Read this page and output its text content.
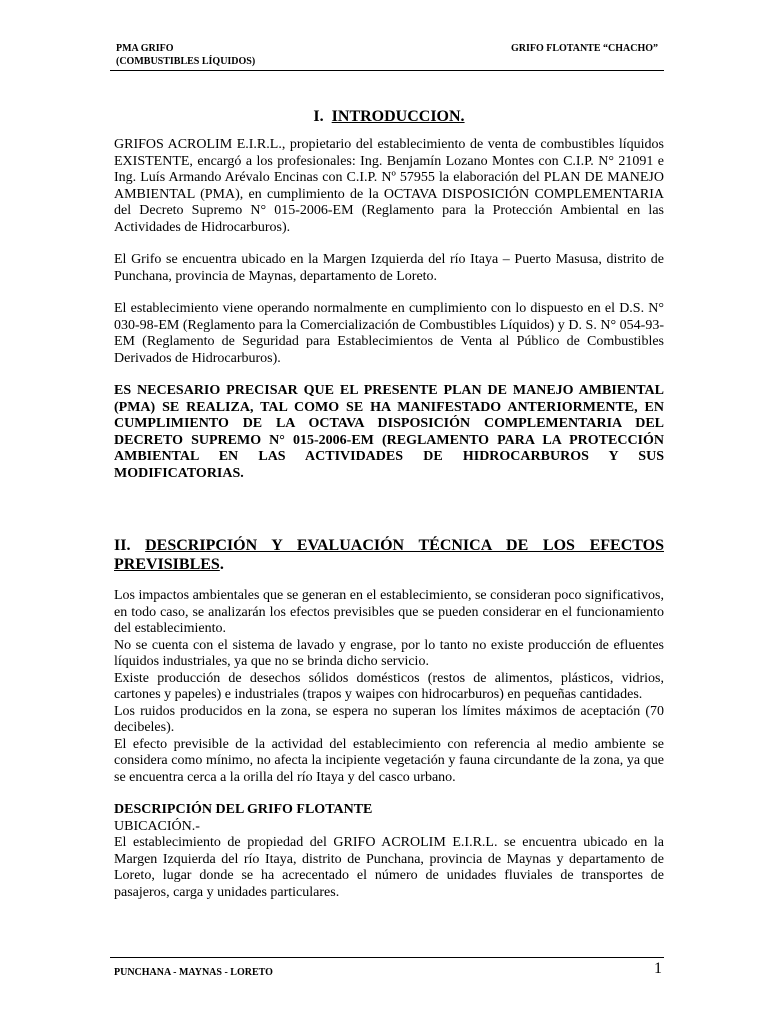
PMA GRIFO
(COMBUSTIBLES LÍQUIDOS)
GRIFO FLOTANTE “CHACHO”
I. INTRODUCCION.

GRIFOS ACROLIM E.I.R.L., propietario del establecimiento de venta de combustibles líquidos EXISTENTE, encargó a los profesionales: Ing. Benjamín Lozano Montes con C.I.P. N° 21091 e Ing. Luís Armando Arévalo Encinas con C.I.P. Nº 57955 la elaboración del PLAN DE MANEJO AMBIENTAL (PMA), en cumplimiento de la OCTAVA DISPOSICIÓN COMPLEMENTARIA del Decreto Supremo N° 015-2006-EM (Reglamento para la Protección Ambiental en las Actividades de Hidrocarburos).

El Grifo se encuentra ubicado en la Margen Izquierda del río Itaya – Puerto Masusa, distrito de Punchana, provincia de Maynas, departamento de Loreto.

El establecimiento viene operando normalmente en cumplimiento con lo dispuesto en el D.S. N° 030-98-EM (Reglamento para la Comercialización de Combustibles Líquidos) y D. S. N° 054-93-EM (Reglamento de Seguridad para Establecimientos de Venta al Público de Combustibles Derivados de Hidrocarburos).

ES NECESARIO PRECISAR QUE EL PRESENTE PLAN DE MANEJO AMBIENTAL (PMA) SE REALIZA, TAL COMO SE HA MANIFESTADO ANTERIORMENTE, EN CUMPLIMIENTO DE LA OCTAVA DISPOSICIÓN COMPLEMENTARIA DEL DECRETO SUPREMO N° 015-2006-EM (REGLAMENTO PARA LA PROTECCIÓN AMBIENTAL EN LAS ACTIVIDADES DE HIDROCARBUROS Y SUS MODIFICATORIAS.

II. DESCRIPCIÓN Y EVALUACIÓN TÉCNICA DE LOS EFECTOS PREVISIBLES.

Los impactos ambientales que se generan en el establecimiento, se consideran poco significativos, en todo caso, se analizarán los efectos previsibles que se pueden considerar en el funcionamiento del establecimiento.

No se cuenta con el sistema de lavado y engrase, por lo tanto no existe producción de efluentes líquidos industriales, ya que no se brinda dicho servicio.

Existe producción de desechos sólidos domésticos (restos de alimentos, plásticos, vidrios, cartones y papeles) e industriales (trapos y waipes con hidrocarburos) en pequeñas cantidades.

Los ruidos producidos en la zona, se espera no superan los límites máximos de aceptación (70 decibeles).

El efecto previsible de la actividad del establecimiento con referencia al medio ambiente se considera como mínimo, no afecta la incipiente vegetación y fauna circundante de la zona, ya que se encuentra cerca a la orilla del río Itaya y del casco urbano.

DESCRIPCIÓN DEL GRIFO FLOTANTE

UBICACIÓN.-

El establecimiento de propiedad del GRIFO ACROLIM E.I.R.L. se encuentra ubicado en la Margen Izquierda del río Itaya, distrito de Punchana, provincia de Maynas y departamento de Loreto, lugar donde se ha acrecentado el número de unidades fluviales de transportes de pasajeros, carga y unidades particulares.

PUNCHANA - MAYNAS - LORETO	1
